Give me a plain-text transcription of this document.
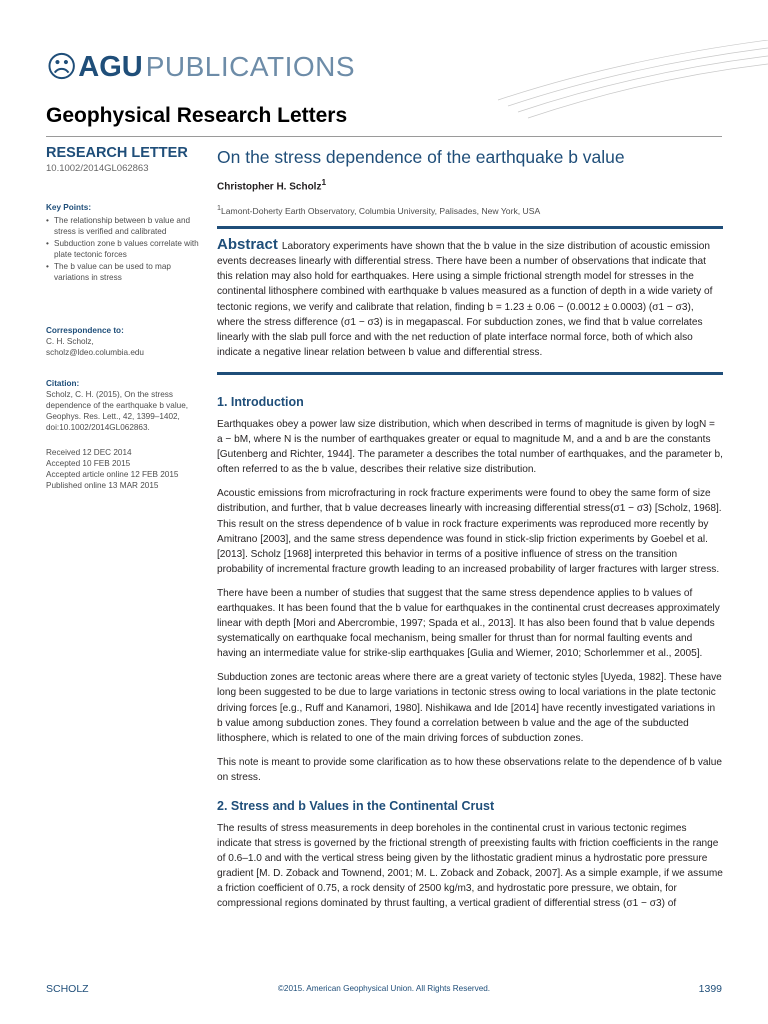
☹ AGU PUBLICATIONS
Geophysical Research Letters
RESEARCH LETTER
10.1002/2014GL062863
Key Points:
• The relationship between b value and stress is verified and calibrated
• Subduction zone b values correlate with plate tectonic forces
• The b value can be used to map variations in stress
Correspondence to:

C. H. Scholz,

scholz@ldeo.columbia.edu

Citation:

Scholz, C. H. (2015), On the stress dependence of the earthquake b value, Geophys. Res. Lett., 42, 1399–1402, doi:10.1002/2014GL062863.

Received 12 DEC 2014

Accepted 10 FEB 2015

Accepted article online 12 FEB 2015

Published online 13 MAR 2015

On the stress dependence of the earthquake b value
Christopher H. Scholz$^1$
$^1$Lamont-Doherty Earth Observatory, Columbia University, Palisades, New York, USA
Abstract Laboratory experiments have shown that the b value in the size distribution of acoustic emission events decreases linearly with differential stress. There have been a number of observations that indicate that this relation may also hold for earthquakes. Here using a simple frictional strength model for stresses in the continental lithosphere combined with earthquake b values measured as a function of depth in a wide variety of tectonic regions, we verify and calibrate that relation, finding b = 1.23 ± 0.06 − (0.0012 ± 0.0003) (σ1 − σ3), where the stress difference (σ1 − σ3) is in megapascal. For subduction zones, we find that b value correlates linearly with the slab pull force and with the net reduction of plate interface normal force, both of which also indicate a negative linear relation between b value and differential stress.
1. Introduction

Earthquakes obey a power law size distribution, which when described in terms of magnitude is given by logN = a − bM, where N is the number of earthquakes greater or equal to magnitude M, and a and b are the constants [Gutenberg and Richter, 1944]. The parameter a describes the total number of earthquakes, and the parameter b, often referred to as the b value, describes their relative size distribution.

Acoustic emissions from microfracturing in rock fracture experiments were found to obey the same form of size distribution, and further, that b value decreases linearly with increasing differential stress(σ1 − σ3) [Scholz, 1968]. This result on the stress dependence of b value in rock fracture experiments was reproduced more recently by Amitrano [2003], and the same stress dependence was found in stick-slip friction experiments by Goebel et al. [2013]. Scholz [1968] interpreted this behavior in terms of a positive influence of stress on the transition probability of incremental fracture growth leading to an increased probability of larger fractures with larger stress.

There have been a number of studies that suggest that the same stress dependence applies to b values of earthquakes. It has been found that the b value for earthquakes in the continental crust decreases approximately linear with depth [Mori and Abercrombie, 1997; Spada et al., 2013]. It has also been found that b value depends systematically on earthquake focal mechanism, being smaller for thrust than for normal faulting events and having an intermediate value for strike-slip earthquakes [Gulia and Wiemer, 2010; Schorlemmer et al., 2005].

Subduction zones are tectonic areas where there are a great variety of tectonic styles [Uyeda, 1982]. These have long been suggested to be due to large variations in tectonic stress owing to local variations in the plate tectonic driving forces [e.g., Ruff and Kanamori, 1980]. Nishikawa and Ide [2014] have recently investigated variations in b value among subduction zones. They found a correlation between b value and the age of the subducted lithosphere, which is related to one of the main driving forces of subduction zones.

This note is meant to provide some clarification as to how these observations relate to the dependence of b value on stress.

2. Stress and b Values in the Continental Crust

The results of stress measurements in deep boreholes in the continental crust in various tectonic regimes indicate that stress is governed by the frictional strength of preexisting faults with friction coefficients in the range of 0.6–1.0 and with the vertical stress being given by the lithostatic gradient minus a hydrostatic pore pressure gradient [M. D. Zoback and Townend, 2001; M. L. Zoback and Zoback, 2007]. As a simple example, if we assume a friction coefficient of 0.75, a rock density of 2500 kg/m3, and hydrostatic pore pressure, we obtain, for compressional regions dominated by thrust faulting, a vertical gradient of differential stress (σ1 − σ3) of

SCHOLZ	©2015. American Geophysical Union. All Rights Reserved.	1399
